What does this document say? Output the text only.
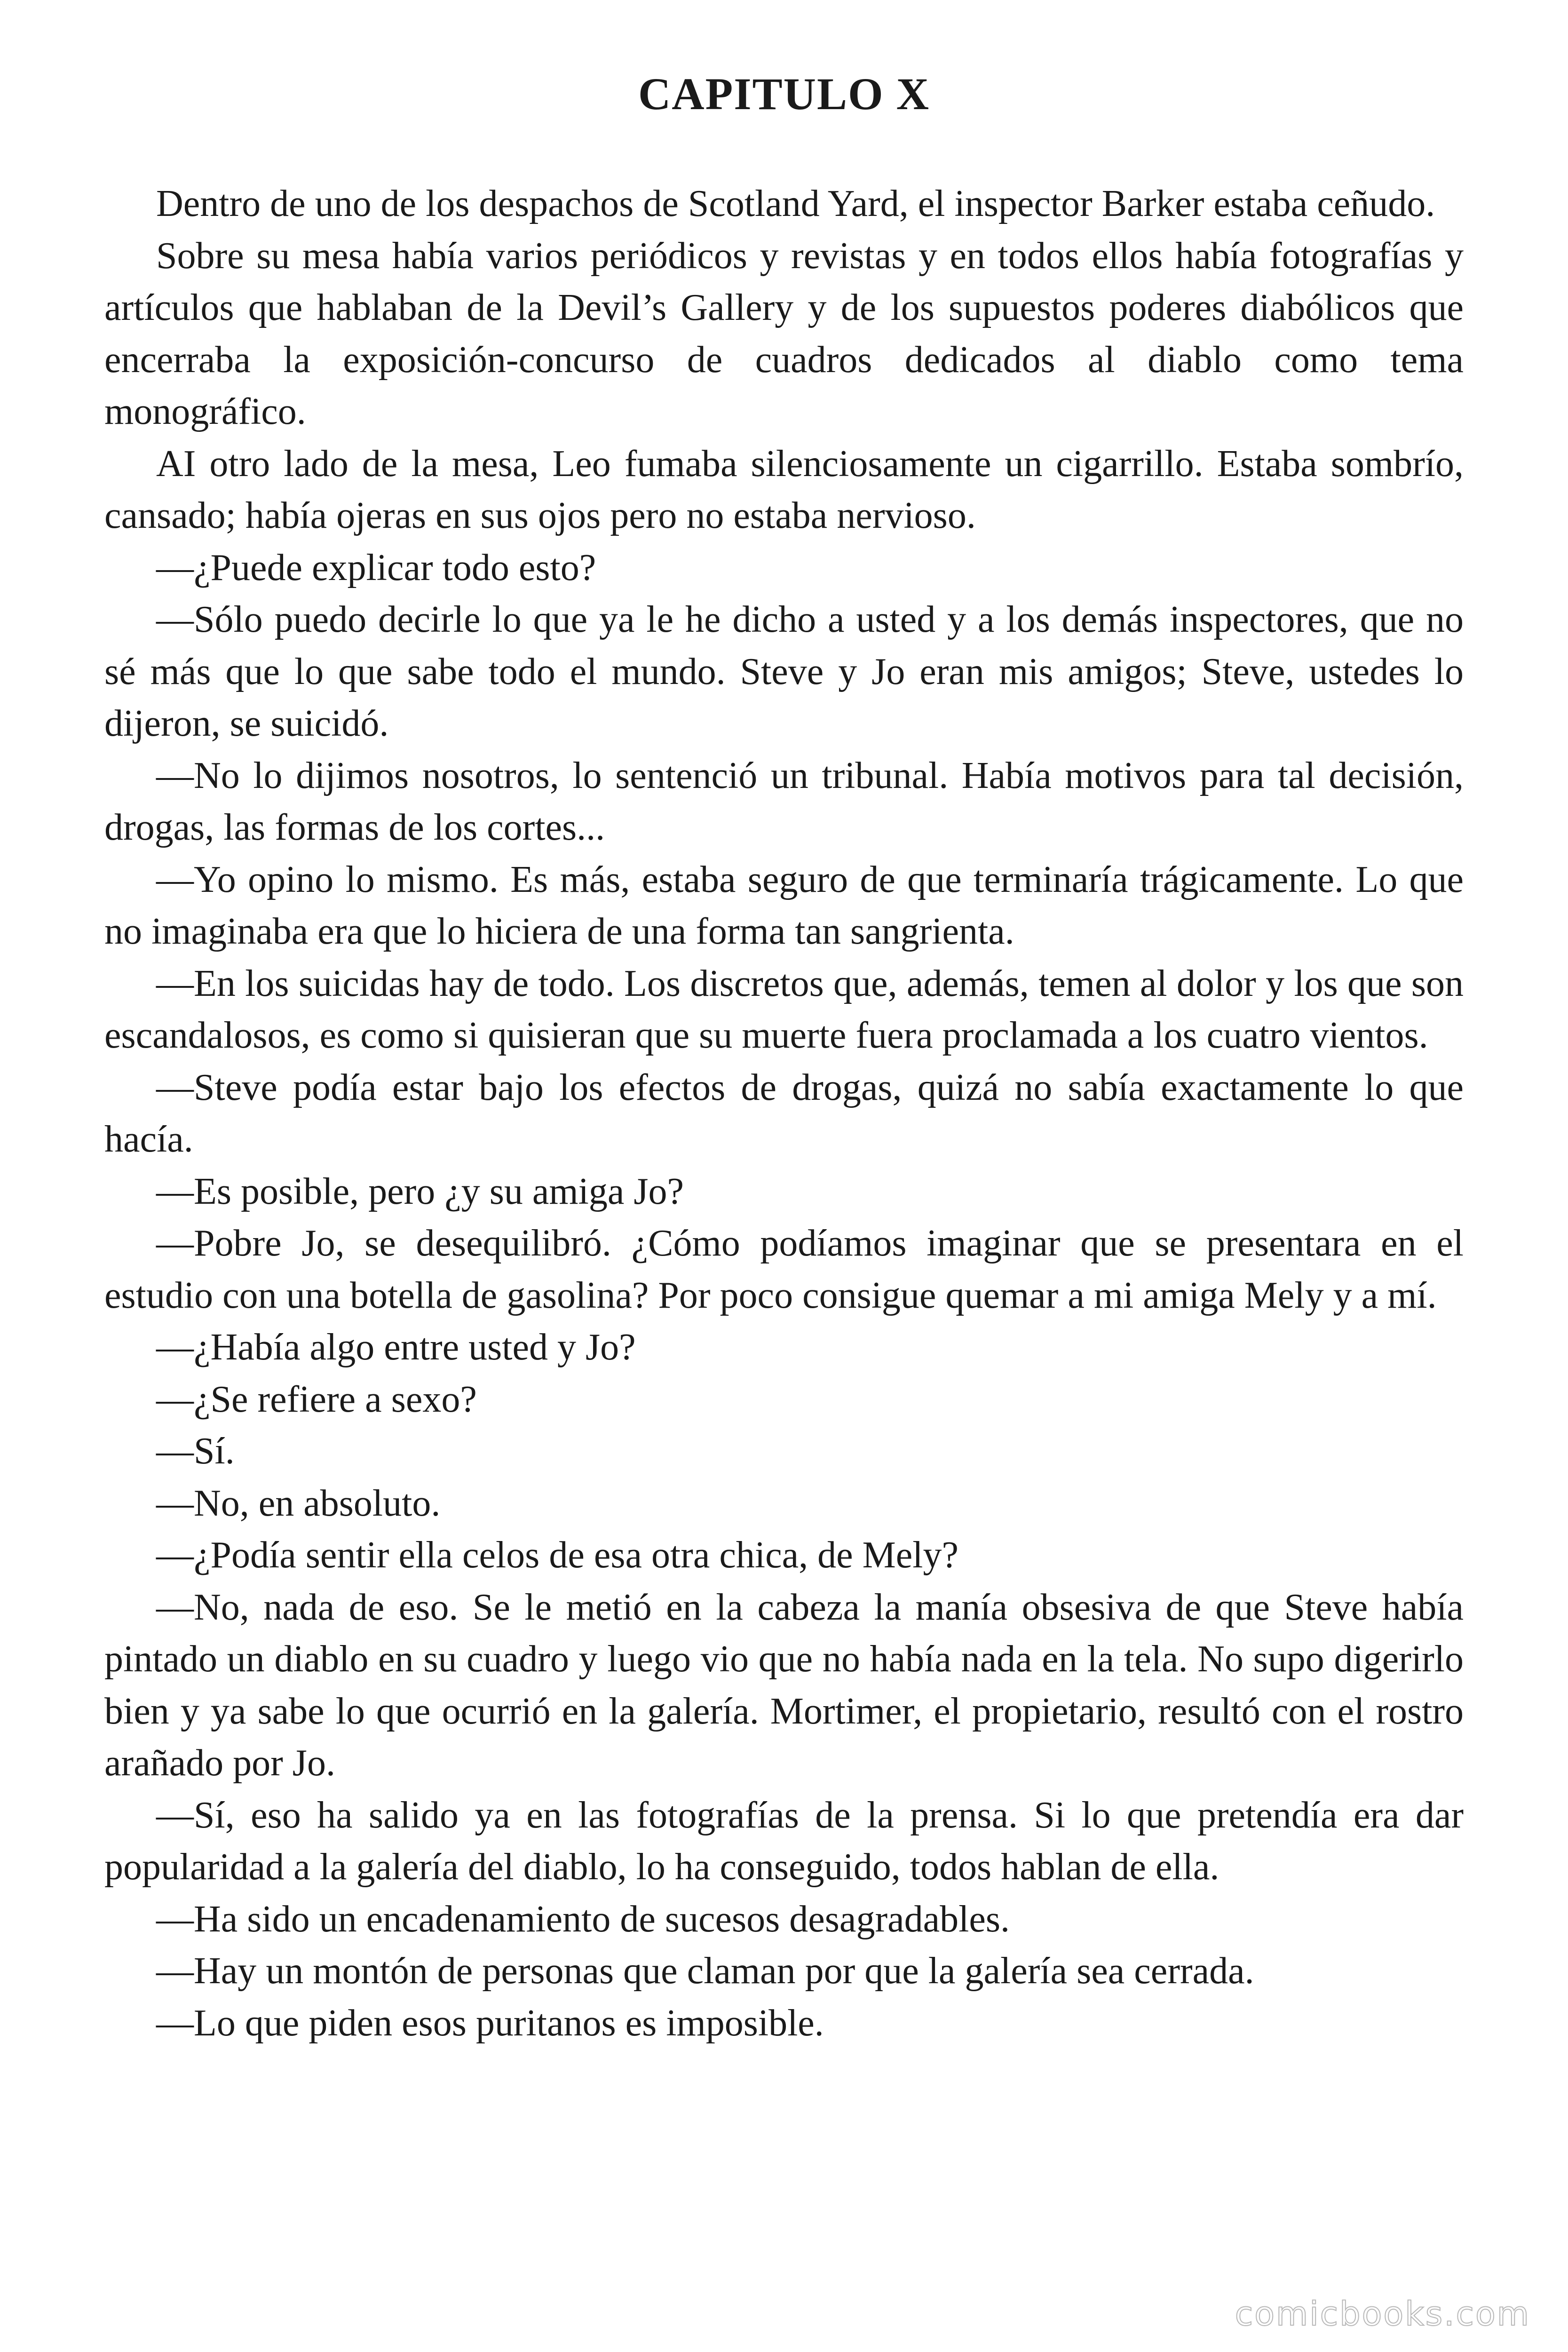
CAPITULO X

Dentro de uno de los despachos de Scotland Yard, el inspector Barker estaba ceñudo.

Sobre su mesa había varios periódicos y revistas y en todos ellos había fotografías y artículos que hablaban de la Devil’s Gallery y de los supuestos poderes diabólicos que encerraba la exposición-concurso de cuadros dedicados al diablo como tema monográfico.

AI otro lado de la mesa, Leo fumaba silenciosamente un cigarrillo. Estaba sombrío, cansado; había ojeras en sus ojos pero no estaba nervioso.

—¿Puede explicar todo esto?

—Sólo puedo decirle lo que ya le he dicho a usted y a los demás inspectores, que no sé más que lo que sabe todo el mundo. Steve y Jo eran mis amigos; Steve, ustedes lo dijeron, se suicidó.

—No lo dijimos nosotros, lo sentenció un tribunal. Había motivos para tal decisión, drogas, las formas de los cortes...

—Yo opino lo mismo. Es más, estaba seguro de que terminaría trágicamente. Lo que no imaginaba era que lo hiciera de una forma tan sangrienta.

—En los suicidas hay de todo. Los discretos que, además, temen al dolor y los que son escandalosos, es como si quisieran que su muerte fuera proclamada a los cuatro vientos.

—Steve podía estar bajo los efectos de drogas, quizá no sabía exactamente lo que hacía.

—Es posible, pero ¿y su amiga Jo?

—Pobre Jo, se desequilibró. ¿Cómo podíamos imaginar que se presentara en el estudio con una botella de gasolina? Por poco consigue quemar a mi amiga Mely y a mí.

—¿Había algo entre usted y Jo?

—¿Se refiere a sexo?

—Sí.

—No, en absoluto.

—¿Podía sentir ella celos de esa otra chica, de Mely?

—No, nada de eso. Se le metió en la cabeza la manía obsesiva de que Steve había pintado un diablo en su cuadro y luego vio que no había nada en la tela. No supo digerirlo bien y ya sabe lo que ocurrió en la galería. Mortimer, el propietario, resultó con el rostro arañado por Jo.

—Sí, eso ha salido ya en las fotografías de la prensa. Si lo que pretendía era dar popularidad a la galería del diablo, lo ha conseguido, todos hablan de ella.

—Ha sido un encadenamiento de sucesos desagradables.

—Hay un montón de personas que claman por que la galería sea cerrada.

—Lo que piden esos puritanos es imposible.

comicbooks.com
